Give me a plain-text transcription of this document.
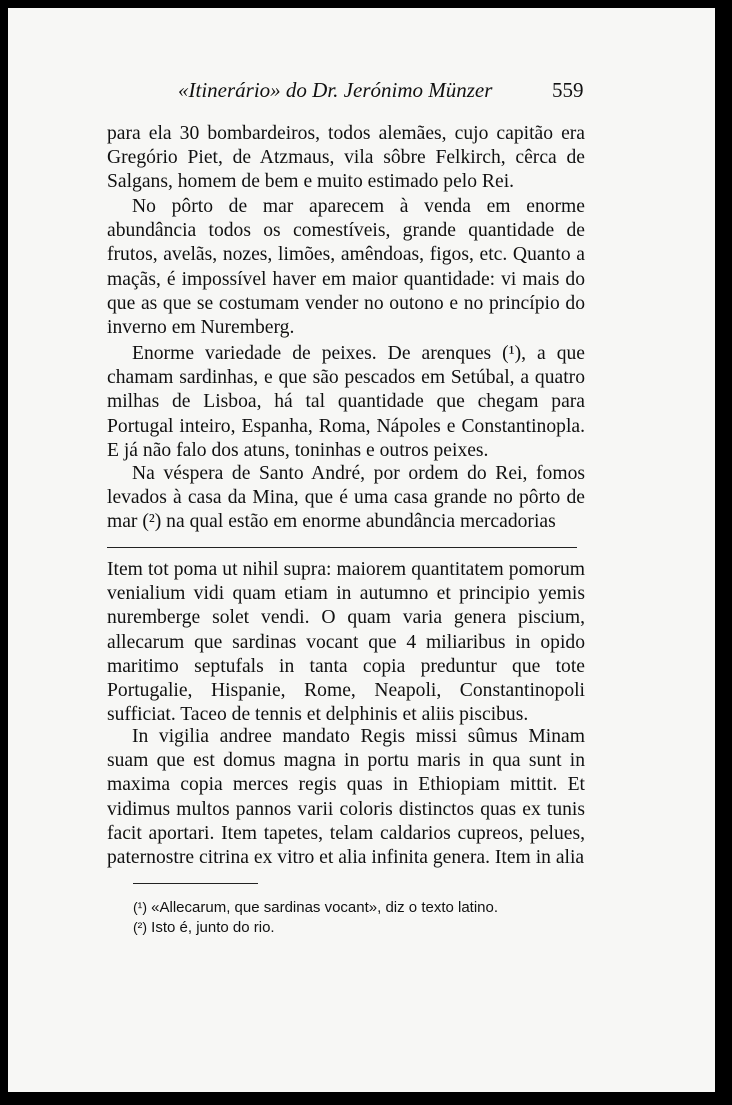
«Itinerário» do Dr. Jerónimo Münzer	559

para ela 30 bombardeiros, todos alemães, cujo capitão era Gregório Piet, de Atzmaus, vila sôbre Felkirch, cêrca de Salgans, homem de bem e muito estimado pelo Rei.

No pôrto de mar aparecem à venda em enorme abundância todos os comestíveis, grande quantidade de frutos, avelãs, nozes, limões, amêndoas, figos, etc. Quanto a maçãs, é impossível haver em maior quantidade: vi mais do que as que se costumam vender no outono e no princípio do inverno em Nuremberg.

Enorme variedade de peixes. De arenques (¹), a que chamam sardinhas, e que são pescados em Setúbal, a quatro milhas de Lisboa, há tal quantidade que chegam para Portugal inteiro, Espanha, Roma, Nápoles e Constantinopla. E já não falo dos atuns, toninhas e outros peixes.

Na véspera de Santo André, por ordem do Rei, fomos levados à casa da Mina, que é uma casa grande no pôrto de mar (²) na qual estão em enorme abundância mercadorias

Item tot poma ut nihil supra: maiorem quantitatem pomorum venialium vidi quam etiam in autumno et principio yemis nuremberge solet vendi. O quam varia genera piscium, allecarum que sardinas vocant que 4 miliaribus in opido maritimo septufals in tanta copia preduntur que tote Portugalie, Hispanie, Rome, Neapoli, Constantinopoli sufficiat. Taceo de tennis et delphinis et aliis piscibus.

In vigilia andree mandato Regis missi sûmus Minam suam que est domus magna in portu maris in qua sunt in maxima copia merces regis quas in Ethiopiam mittit. Et vidimus multos pannos varii coloris distinctos quas ex tunis facit aportari. Item tapetes, telam caldarios cupreos, pelues, paternostre citrina ex vitro et alia infinita genera. Item in alia

(¹) «Allecarum, que sardinas vocant», diz o texto latino.
(²) Isto é, junto do rio.
